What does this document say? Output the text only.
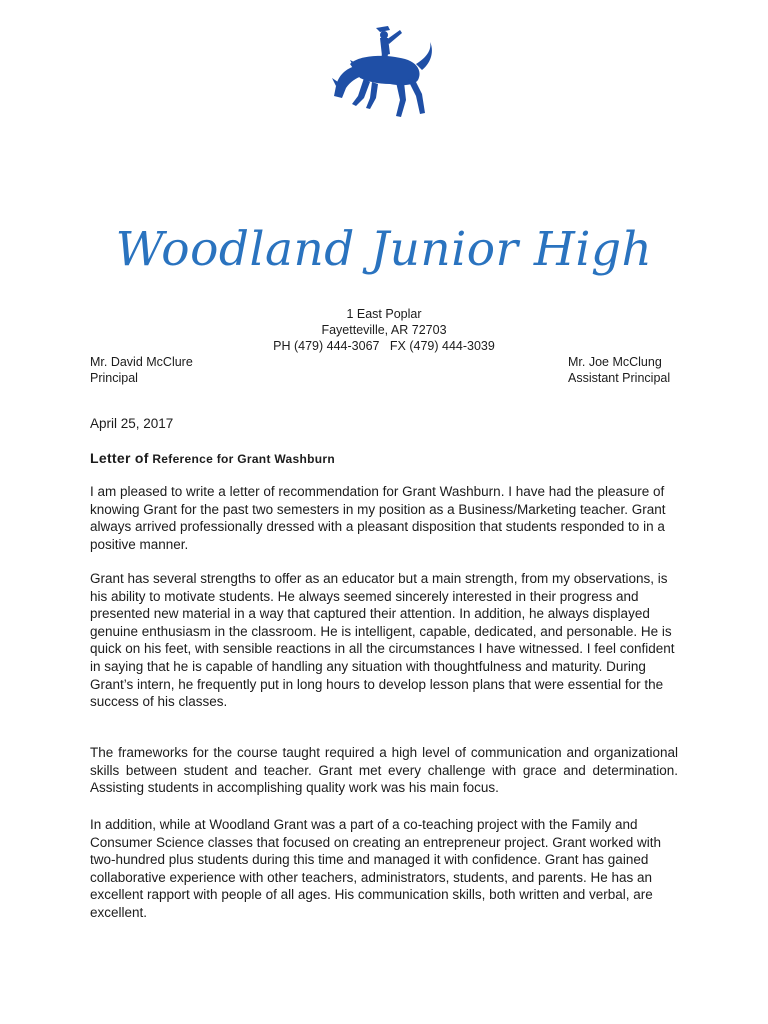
Woodland Junior High
1 East Poplar
Fayetteville, AR 72703
PH (479) 444-3067   FX (479) 444-3039
Mr. David McClure
Principal
Mr. Joe McClung
Assistant Principal
April 25, 2017
Letter of Reference for Grant Washburn

I am pleased to write a letter of recommendation for Grant Washburn. I have had the pleasure of knowing Grant for the past two semesters in my position as a Business/Marketing teacher. Grant always arrived professionally dressed with a pleasant disposition that students responded to in a positive manner.

Grant has several strengths to offer as an educator but a main strength, from my observations, is his ability to motivate students. He always seemed sincerely interested in their progress and presented new material in a way that captured their attention. In addition, he always displayed genuine enthusiasm in the classroom. He is intelligent, capable, dedicated, and personable. He is quick on his feet, with sensible reactions in all the circumstances I have witnessed. I feel confident in saying that he is capable of handling any situation with thoughtfulness and maturity. During Grant’s intern, he frequently put in long hours to develop lesson plans that were essential for the success of his classes.

The frameworks for the course taught required a high level of communication and organizational skills between student and teacher. Grant met every challenge with grace and determination. Assisting students in accomplishing quality work was his main focus.

In addition, while at Woodland Grant was a part of a co-teaching project with the Family and Consumer Science classes that focused on creating an entrepreneur project. Grant worked with two-hundred plus students during this time and managed it with confidence. Grant has gained collaborative experience with other teachers, administrators, students, and parents. He has an excellent rapport with people of all ages. His communication skills, both written and verbal, are excellent.
